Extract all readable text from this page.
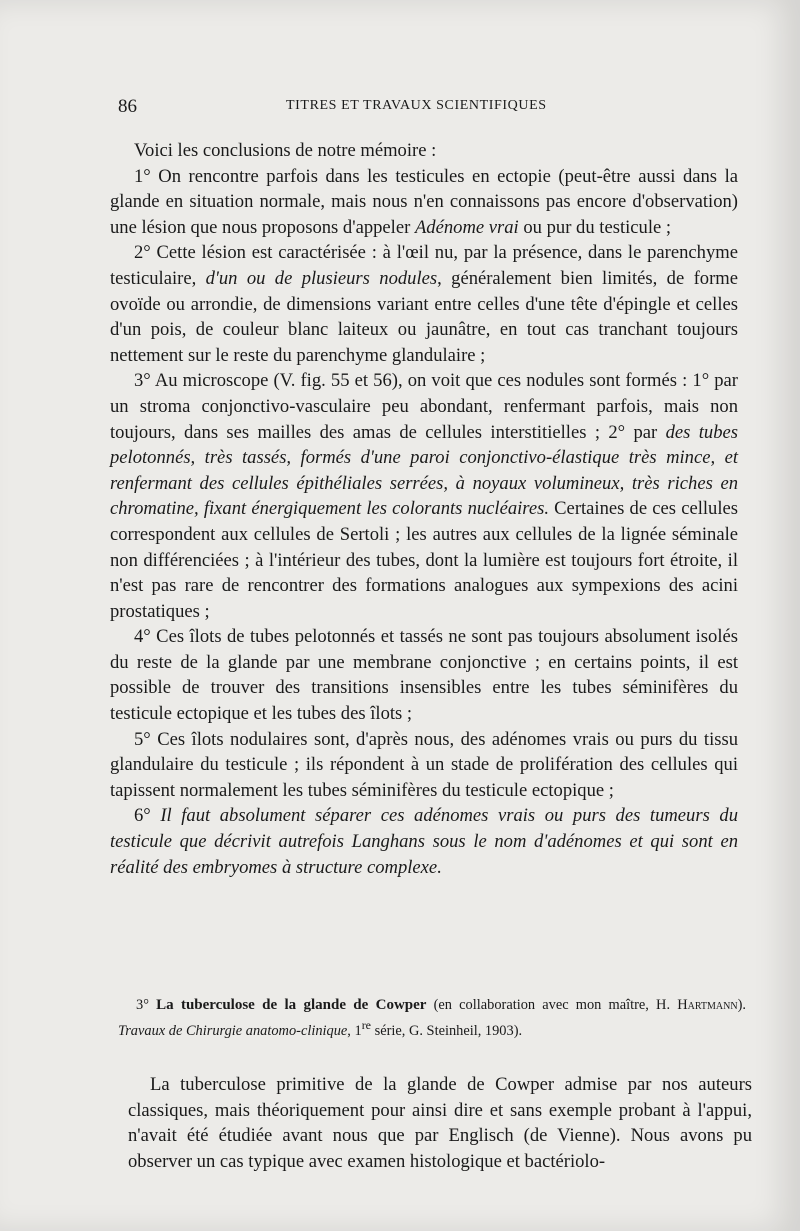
86	TITRES ET TRAVAUX SCIENTIFIQUES

Voici les conclusions de notre mémoire :

1° On rencontre parfois dans les testicules en ectopie (peut-être aussi dans la glande en situation normale, mais nous n'en connaissons pas encore d'observation) une lésion que nous proposons d'appeler Adénome vrai ou pur du testicule ;

2° Cette lésion est caractérisée : à l'œil nu, par la présence, dans le parenchyme testiculaire, d'un ou de plusieurs nodules, généralement bien limités, de forme ovoïde ou arrondie, de dimensions variant entre celles d'une tête d'épingle et celles d'un pois, de couleur blanc laiteux ou jaunâtre, en tout cas tranchant toujours nettement sur le reste du parenchyme glandulaire ;

3° Au microscope (V. fig. 55 et 56), on voit que ces nodules sont formés : 1° par un stroma conjonctivo-vasculaire peu abondant, renfermant parfois, mais non toujours, dans ses mailles des amas de cellules interstitielles ; 2° par des tubes pelotonnés, très tassés, formés d'une paroi conjonctivo-élastique très mince, et renfermant des cellules épithéliales serrées, à noyaux volumineux, très riches en chromatine, fixant énergiquement les colorants nucléaires. Certaines de ces cellules correspondent aux cellules de Sertoli ; les autres aux cellules de la lignée séminale non différenciées ; à l'intérieur des tubes, dont la lumière est toujours fort étroite, il n'est pas rare de rencontrer des formations analogues aux sympexions des acini prostatiques ;

4° Ces îlots de tubes pelotonnés et tassés ne sont pas toujours absolument isolés du reste de la glande par une membrane conjonctive ; en certains points, il est possible de trouver des transitions insensibles entre les tubes séminifères du testicule ectopique et les tubes des îlots ;

5° Ces îlots nodulaires sont, d'après nous, des adénomes vrais ou purs du tissu glandulaire du testicule ; ils répondent à un stade de prolifération des cellules qui tapissent normalement les tubes séminifères du testicule ectopique ;

6° Il faut absolument séparer ces adénomes vrais ou purs des tumeurs du testicule que décrivit autrefois Langhans sous le nom d'adénomes et qui sont en réalité des embryomes à structure complexe.

3° La tuberculose de la glande de Cowper (en collaboration avec mon maître, H. Hartmann). Travaux de Chirurgie anatomo-clinique, 1re série, G. Steinheil, 1903).

La tuberculose primitive de la glande de Cowper admise par nos auteurs classiques, mais théoriquement pour ainsi dire et sans exemple probant à l'appui, n'avait été étudiée avant nous que par Englisch (de Vienne). Nous avons pu observer un cas typique avec examen histologique et bactériolo-
